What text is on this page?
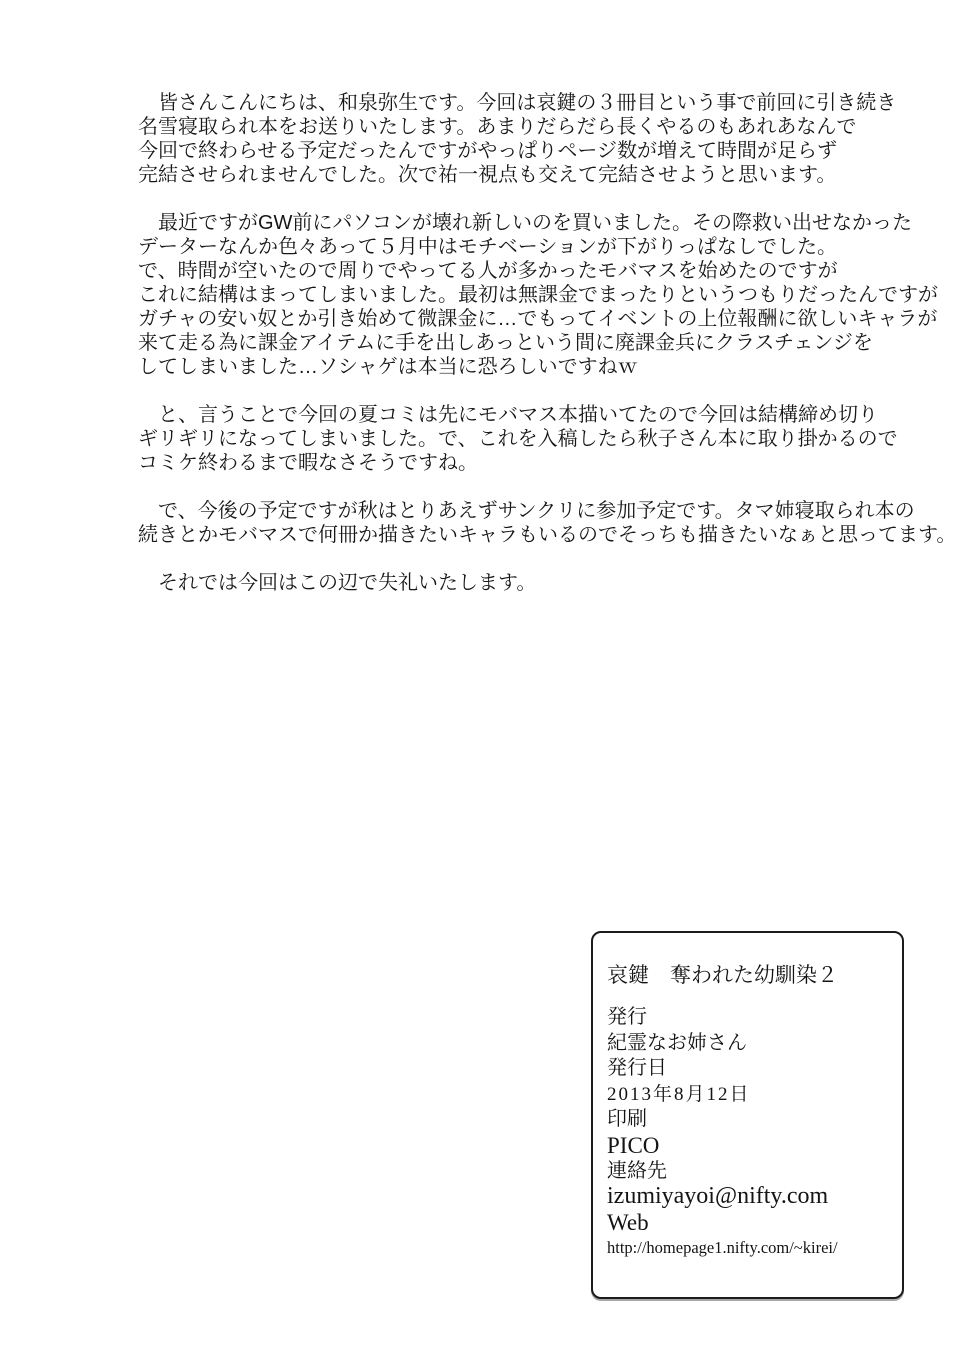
　皆さんこんにちは、和泉弥生です。今回は哀鍵の３冊目という事で前回に引き続き
名雪寝取られ本をお送りいたします。あまりだらだら長くやるのもあれあなんで
今回で終わらせる予定だったんですがやっぱりページ数が増えて時間が足らず
完結させられませんでした。次で祐一視点も交えて完結させようと思います。
　最近ですがGW前にパソコンが壊れ新しいのを買いました。その際救い出せなかった
データーなんか色々あって５月中はモチベーションが下がりっぱなしでした。
で、時間が空いたので周りでやってる人が多かったモバマスを始めたのですが
これに結構はまってしまいました。最初は無課金でまったりというつもりだったんですが
ガチャの安い奴とか引き始めて微課金に…でもってイベントの上位報酬に欲しいキャラが
来て走る為に課金アイテムに手を出しあっという間に廃課金兵にクラスチェンジを
してしまいました…ソシャゲは本当に恐ろしいですねｗ
　と、言うことで今回の夏コミは先にモバマス本描いてたので今回は結構締め切り
ギリギリになってしまいました。で、これを入稿したら秋子さん本に取り掛かるので
コミケ終わるまで暇なさそうですね。
　で、今後の予定ですが秋はとりあえずサンクリに参加予定です。タマ姉寝取られ本の
続きとかモバマスで何冊か描きたいキャラもいるのでそっちも描きたいなぁと思ってます。
　それでは今回はこの辺で失礼いたします。
哀鍵　奪われた幼馴染２
発行
紀霊なお姉さん
発行日
2013年8月12日
印刷
PICO
連絡先
izumiyayoi@nifty.com
Web
http://homepage1.nifty.com/~kirei/
